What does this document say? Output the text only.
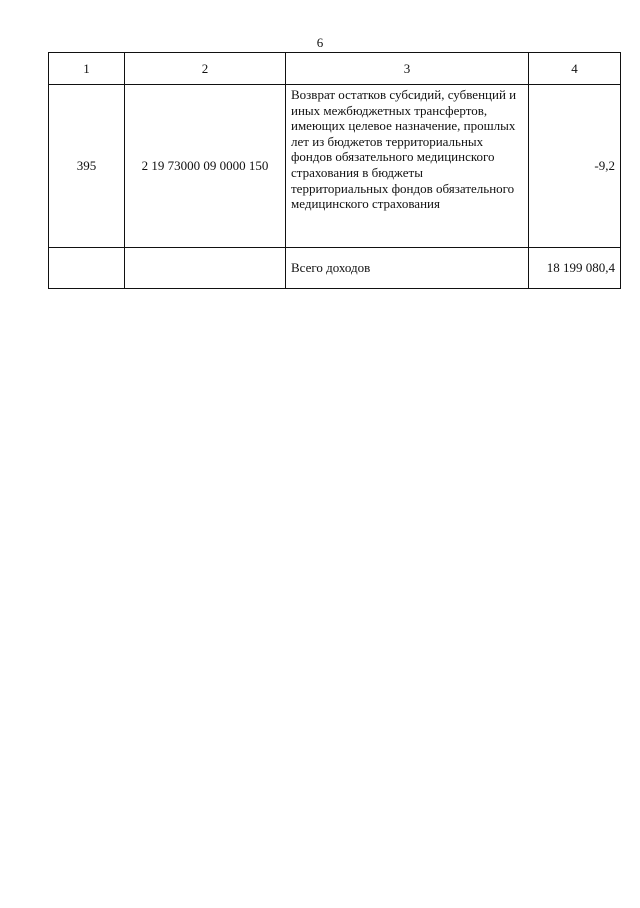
6
1	2	3	4
395	2 19 73000 09 0000 150	Возврат остатков субсидий, субвенций и иных межбюджетных трансфертов, имеющих целевое назначение, прошлых лет из бюджетов территориальных фондов обязательного медицинского страхования в бюджеты территориальных фондов обязательного медицинского страхования	-9,2
		Всего доходов	18 199 080,4
